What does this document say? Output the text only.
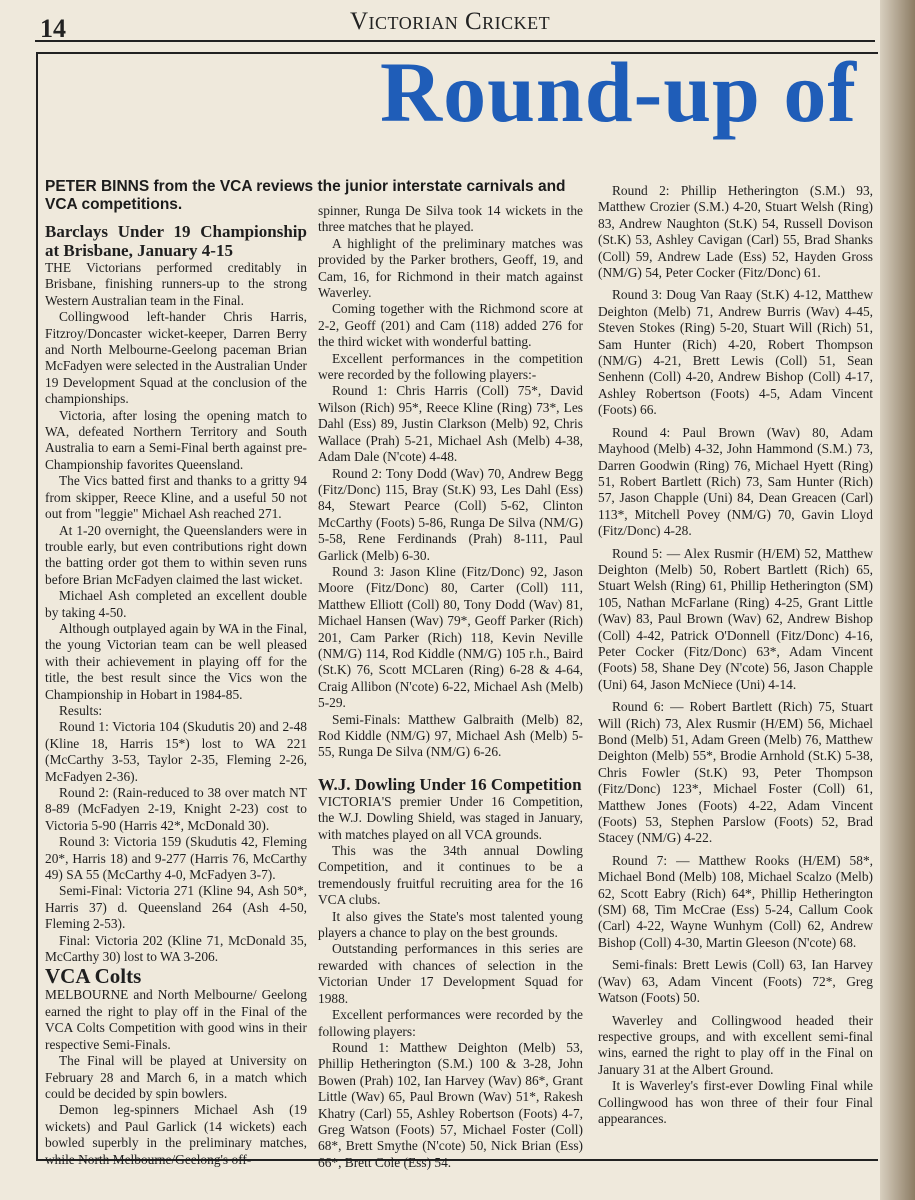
14	Victorian Cricket
Round-up of
PETER BINNS from the VCA reviews the junior interstate carnivals and VCA competitions.

Barclays Under 19 Championship at Brisbane, January 4-15

THE Victorians performed creditably in Brisbane, finishing runners-up to the strong Western Australian team in the Final.

Collingwood left-hander Chris Harris, Fitzroy/Doncaster wicket-keeper, Darren Berry and North Melbourne-Geelong paceman Brian McFadyen were selected in the Australian Under 19 Development Squad at the conclusion of the championships.

Victoria, after losing the opening match to WA, defeated Northern Territory and South Australia to earn a Semi-Final berth against pre-Championship favorites Queensland.

The Vics batted first and thanks to a gritty 94 from skipper, Reece Kline, and a useful 50 not out from "leggie" Michael Ash reached 271.

At 1-20 overnight, the Queenslanders were in trouble early, but even contributions right down the batting order got them to within seven runs before Brian McFadyen claimed the last wicket.

Michael Ash completed an excellent double by taking 4-50.

Although outplayed again by WA in the Final, the young Victorian team can be well pleased with their achievement in playing off for the title, the best result since the Vics won the Championship in Hobart in 1984-85.

Results:

Round 1: Victoria 104 (Skudutis 20) and 2-48 (Kline 18, Harris 15*) lost to WA 221 (McCarthy 3-53, Taylor 2-35, Fleming 2-26, McFadyen 2-36).

Round 2: (Rain-reduced to 38 over match NT 8-89 (McFadyen 2-19, Knight 2-23) cost to Victoria 5-90 (Harris 42*, McDonald 30).

Round 3: Victoria 159 (Skudutis 42, Fleming 20*, Harris 18) and 9-277 (Harris 76, McCarthy 49) SA 55 (McCarthy 4-0, McFadyen 3-7).

Semi-Final: Victoria 271 (Kline 94, Ash 50*, Harris 37) d. Queensland 264 (Ash 4-50, Fleming 2-53).

Final: Victoria 202 (Kline 71, McDonald 35, McCarthy 30) lost to WA 3-206.

VCA Colts

MELBOURNE and North Melbourne/ Geelong earned the right to play off in the Final of the VCA Colts Competition with good wins in their respective Semi-Finals.

The Final will be played at University on February 28 and March 6, in a match which could be decided by spin bowlers.

Demon leg-spinners Michael Ash (19 wickets) and Paul Garlick (14 wickets) each bowled superbly in the preliminary matches, while North Melbourne/Geelong's off-

spinner, Runga De Silva took 14 wickets in the three matches that he played.

A highlight of the preliminary matches was provided by the Parker brothers, Geoff, 19, and Cam, 16, for Richmond in their match against Waverley.

Coming together with the Richmond score at 2-2, Geoff (201) and Cam (118) added 276 for the third wicket with wonderful batting.

Excellent performances in the competition were recorded by the following players:-

Round 1: Chris Harris (Coll) 75*, David Wilson (Rich) 95*, Reece Kline (Ring) 73*, Les Dahl (Ess) 89, Justin Clarkson (Melb) 92, Chris Wallace (Prah) 5-21, Michael Ash (Melb) 4-38, Adam Dale (N'cote) 4-48.

Round 2: Tony Dodd (Wav) 70, Andrew Begg (Fitz/Donc) 115, Bray (St.K) 93, Les Dahl (Ess) 84, Stewart Pearce (Coll) 5-62, Clinton McCarthy (Foots) 5-86, Runga De Silva (NM/G) 5-58, Rene Ferdinands (Prah) 8-111, Paul Garlick (Melb) 6-30.

Round 3: Jason Kline (Fitz/Donc) 92, Jason Moore (Fitz/Donc) 80, Carter (Coll) 111, Matthew Elliott (Coll) 80, Tony Dodd (Wav) 81, Michael Hansen (Wav) 79*, Geoff Parker (Rich) 201, Cam Parker (Rich) 118, Kevin Neville (NM/G) 114, Rod Kiddle (NM/G) 105 r.h., Baird (St.K) 76, Scott MCLaren (Ring) 6-28 & 4-64, Craig Allibon (N'cote) 6-22, Michael Ash (Melb) 5-29.

Semi-Finals: Matthew Galbraith (Melb) 82, Rod Kiddle (NM/G) 97, Michael Ash (Melb) 5-55, Runga De Silva (NM/G) 6-26.

W.J. Dowling Under 16 Competition

VICTORIA'S premier Under 16 Competition, the W.J. Dowling Shield, was staged in January, with matches played on all VCA grounds.

This was the 34th annual Dowling Competition, and it continues to be a tremendously fruitful recruiting area for the 16 VCA clubs.

It also gives the State's most talented young players a chance to play on the best grounds.

Outstanding performances in this series are rewarded with chances of selection in the Victorian Under 17 Development Squad for 1988.

Excellent performances were recorded by the following players:

Round 1: Matthew Deighton (Melb) 53, Phillip Hetherington (S.M.) 100 & 3-28, John Bowen (Prah) 102, Ian Harvey (Wav) 86*, Grant Little (Wav) 65, Paul Brown (Wav) 51*, Rakesh Khatry (Carl) 55, Ashley Robertson (Foots) 4-7, Greg Watson (Foots) 57, Michael Foster (Coll) 68*, Brett Smythe (N'cote) 50, Nick Brian (Ess) 66*, Brett Cole (Ess) 54.

Round 2: Phillip Hetherington (S.M.) 93, Matthew Crozier (S.M.) 4-20, Stuart Welsh (Ring) 83, Andrew Naughton (St.K) 54, Russell Dovison (St.K) 53, Ashley Cavigan (Carl) 55, Brad Shanks (Coll) 59, Andrew Lade (Ess) 52, Hayden Gross (NM/G) 54, Peter Cocker (Fitz/Donc) 61.

Round 3: Doug Van Raay (St.K) 4-12, Matthew Deighton (Melb) 71, Andrew Burris (Wav) 4-45, Steven Stokes (Ring) 5-20, Stuart Will (Rich) 51, Sam Hunter (Rich) 4-20, Robert Thompson (NM/G) 4-21, Brett Lewis (Coll) 51, Sean Senhenn (Coll) 4-20, Andrew Bishop (Coll) 4-17, Ashley Robertson (Foots) 4-5, Adam Vincent (Foots) 66.

Round 4: Paul Brown (Wav) 80, Adam Mayhood (Melb) 4-32, John Hammond (S.M.) 73, Darren Goodwin (Ring) 76, Michael Hyett (Ring) 51, Robert Bartlett (Rich) 73, Sam Hunter (Rich) 57, Jason Chapple (Uni) 84, Dean Greacen (Carl) 113*, Mitchell Povey (NM/G) 70, Gavin Lloyd (Fitz/Donc) 4-28.

Round 5: — Alex Rusmir (H/EM) 52, Matthew Deighton (Melb) 50, Robert Bartlett (Rich) 65, Stuart Welsh (Ring) 61, Phillip Hetherington (SM) 105, Nathan McFarlane (Ring) 4-25, Grant Little (Wav) 83, Paul Brown (Wav) 62, Andrew Bishop (Coll) 4-42, Patrick O'Donnell (Fitz/Donc) 4-16, Peter Cocker (Fitz/Donc) 63*, Adam Vincent (Foots) 58, Shane Dey (N'cote) 56, Jason Chapple (Uni) 64, Jason McNiece (Uni) 4-14.

Round 6: — Robert Bartlett (Rich) 75, Stuart Will (Rich) 73, Alex Rusmir (H/EM) 56, Michael Bond (Melb) 51, Adam Green (Melb) 76, Matthew Deighton (Melb) 55*, Brodie Arnhold (St.K) 5-38, Chris Fowler (St.K) 93, Peter Thompson (Fitz/Donc) 123*, Michael Foster (Coll) 61, Matthew Jones (Foots) 4-22, Adam Vincent (Foots) 53, Stephen Parslow (Foots) 52, Brad Stacey (NM/G) 4-22.

Round 7: — Matthew Rooks (H/EM) 58*, Michael Bond (Melb) 108, Michael Scalzo (Melb) 62, Scott Eabry (Rich) 64*, Phillip Hetherington (SM) 68, Tim McCrae (Ess) 5-24, Callum Cook (Carl) 4-22, Wayne Wunhym (Coll) 62, Andrew Bishop (Coll) 4-30, Martin Gleeson (N'cote) 68.

Semi-finals: Brett Lewis (Coll) 63, Ian Harvey (Wav) 63, Adam Vincent (Foots) 72*, Greg Watson (Foots) 50.

Waverley and Collingwood headed their respective groups, and with excellent semi-final wins, earned the right to play off in the Final on January 31 at the Albert Ground.

It is Waverley's first-ever Dowling Final while Collingwood has won three of their four Final appearances.
